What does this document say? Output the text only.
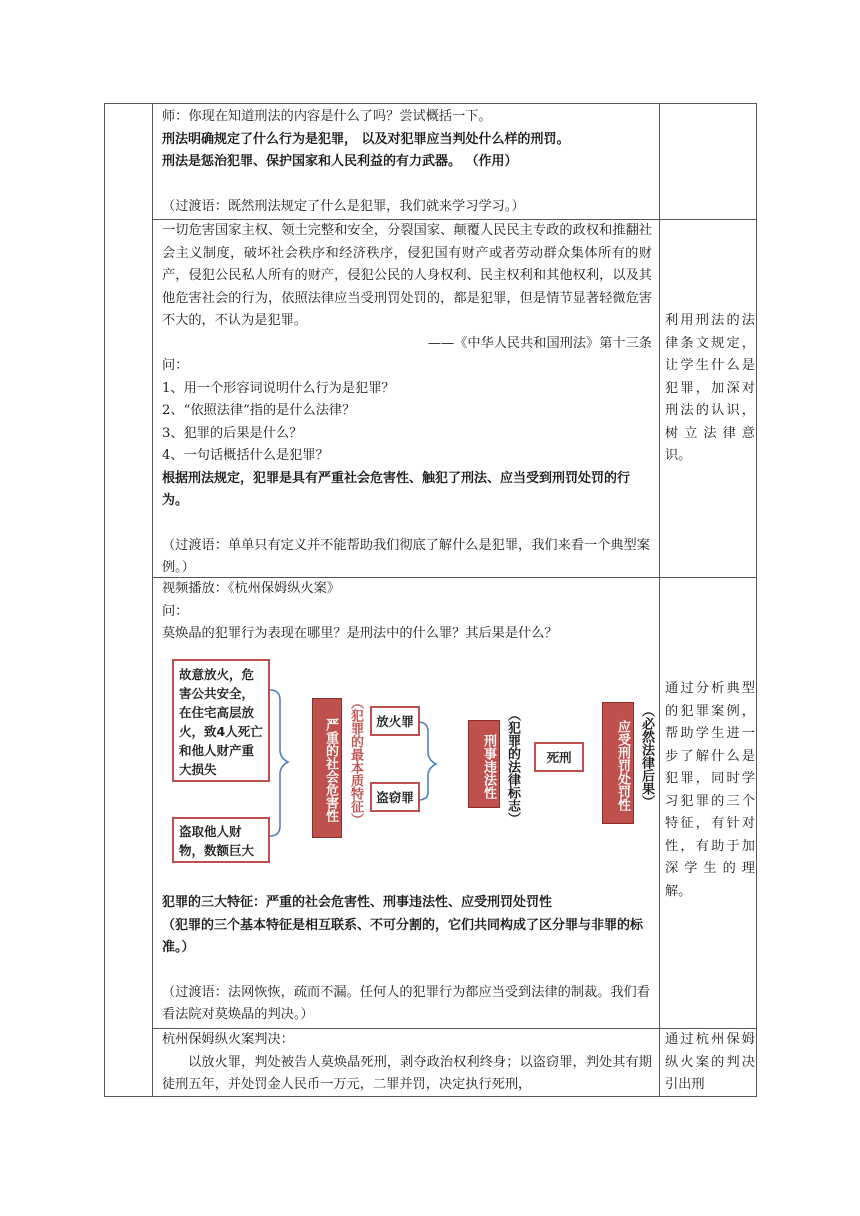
师：你现在知道刑法的内容是什么了吗？尝试概括一下。
刑法明确规定了什么行为是犯罪， 以及对犯罪应当判处什么样的刑罚。
刑法是惩治犯罪、保护国家和人民利益的有力武器。 （作用）
（过渡语：既然刑法规定了什么是犯罪，我们就来学习学习。）
一切危害国家主权、领土完整和安全，分裂国家、颠覆人民民主专政的政权和推翻社会主义制度，破坏社会秩序和经济秩序，侵犯国有财产或者劳动群众集体所有的财产，侵犯公民私人所有的财产，侵犯公民的人身权利、民主权利和其他权利，以及其他危害社会的行为，依照法律应当受刑罚处罚的，都是犯罪，但是情节显著轻微危害不大的，不认为是犯罪。
——《中华人民共和国刑法》第十三条
问：
1、用一个形容词说明什么行为是犯罪？
2、“依照法律”指的是什么法律？
3、犯罪的后果是什么？
4、一句话概括什么是犯罪？
根据刑法规定，犯罪是具有严重社会危害性、触犯了刑法、应当受到刑罚处罚的行为。
（过渡语：单单只有定义并不能帮助我们彻底了解什么是犯罪，我们来看一个典型案例。）
利用刑法的法律条文规定，让学生什么是犯罪，加深对刑法的认识，树立法律意识。
视频播放：《杭州保姆纵火案》
问：
莫焕晶的犯罪行为表现在哪里？是刑法中的什么罪？其后果是什么？
故意放火，危害公共安全，在住宅高层放火，致4人死亡和他人财产重大损失
盗取他人财物，数额巨大
严重的社会危害性 （犯罪的最本质特征）	放火罪
盗窃罪	刑事违法性 （犯罪的法律标志）	死刑	应受刑罚处罚性 （必然法律后果）
犯罪的三大特征：严重的社会危害性、刑事违法性、应受刑罚处罚性
（犯罪的三个基本特征是相互联系、不可分割的，它们共同构成了区分罪与非罪的标准。）
（过渡语：法网恢恢，疏而不漏。任何人的犯罪行为都应当受到法律的制裁。我们看看法院对莫焕晶的判决。）
通过分析典型的犯罪案例，帮助学生进一步了解什么是犯罪，同时学习犯罪的三个特征，有针对性，有助于加深学生的理解。
杭州保姆纵火案判决：
以放火罪，判处被告人莫焕晶死刑，剥夺政治权利终身；以盗窃罪，判处其有期徒刑五年，并处罚金人民币一万元，二罪并罚，决定执行死刑，
通过杭州保姆纵火案的判决引出刑
